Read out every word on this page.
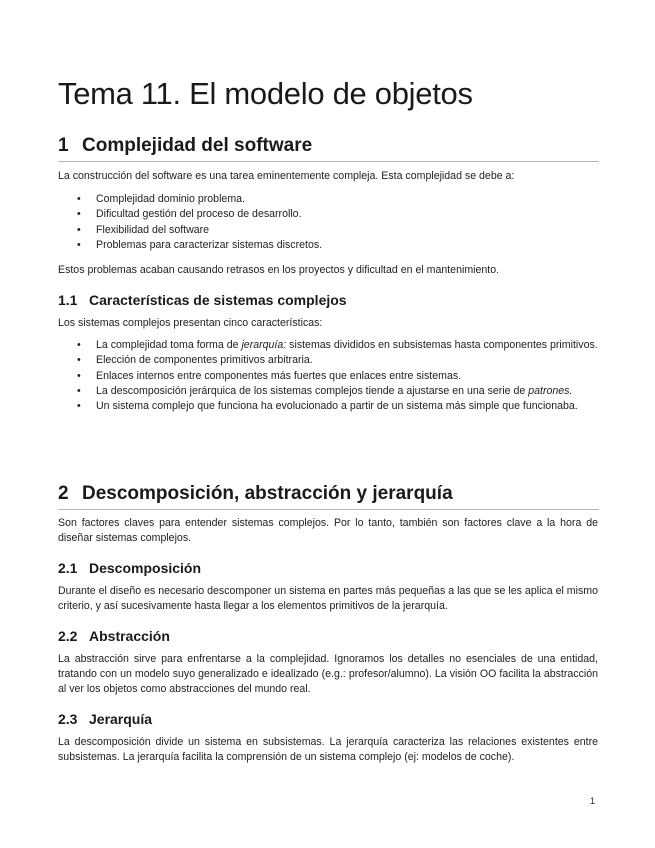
Tema 11. El modelo de objetos
1 Complejidad del software

La construcción del software es una tarea eminentemente compleja. Esta complejidad se debe a:

• Complejidad dominio problema.
• Dificultad gestión del proceso de desarrollo.
• Flexibilidad del software
• Problemas para caracterizar sistemas discretos.

Estos problemas acaban causando retrasos en los proyectos y dificultad en el mantenimiento.

1.1 Características de sistemas complejos

Los sistemas complejos presentan cinco características:

• La complejidad toma forma de jerarquía: sistemas divididos en subsistemas hasta componentes primitivos.
• Elección de componentes primitivos arbitraria.
• Enlaces internos entre componentes más fuertes que enlaces entre sistemas.
• La descomposición jerárquica de los sistemas complejos tiende a ajustarse en una serie de patrones.
• Un sistema complejo que funciona ha evolucionado a partir de un sistema más simple que funcionaba.
2 Descomposición, abstracción y jerarquía

Son factores claves para entender sistemas complejos. Por lo tanto, también son factores clave a la hora de diseñar sistemas complejos.

2.1 Descomposición

Durante el diseño es necesario descomponer un sistema en partes más pequeñas a las que se les aplica el mismo criterio, y así sucesivamente hasta llegar a los elementos primitivos de la jerarquía.

2.2 Abstracción

La abstracción sirve para enfrentarse a la complejidad. Ignoramos los detalles no esenciales de una entidad, tratando con un modelo suyo generalizado e idealizado (e.g.: profesor/alumno). La visión OO facilita la abstracción al ver los objetos como abstracciones del mundo real.

2.3 Jerarquía

La descomposición divide un sistema en subsistemas. La jerarquía caracteriza las relaciones existentes entre subsistemas. La jerarquía facilita la comprensión de un sistema complejo (ej: modelos de coche).

1
